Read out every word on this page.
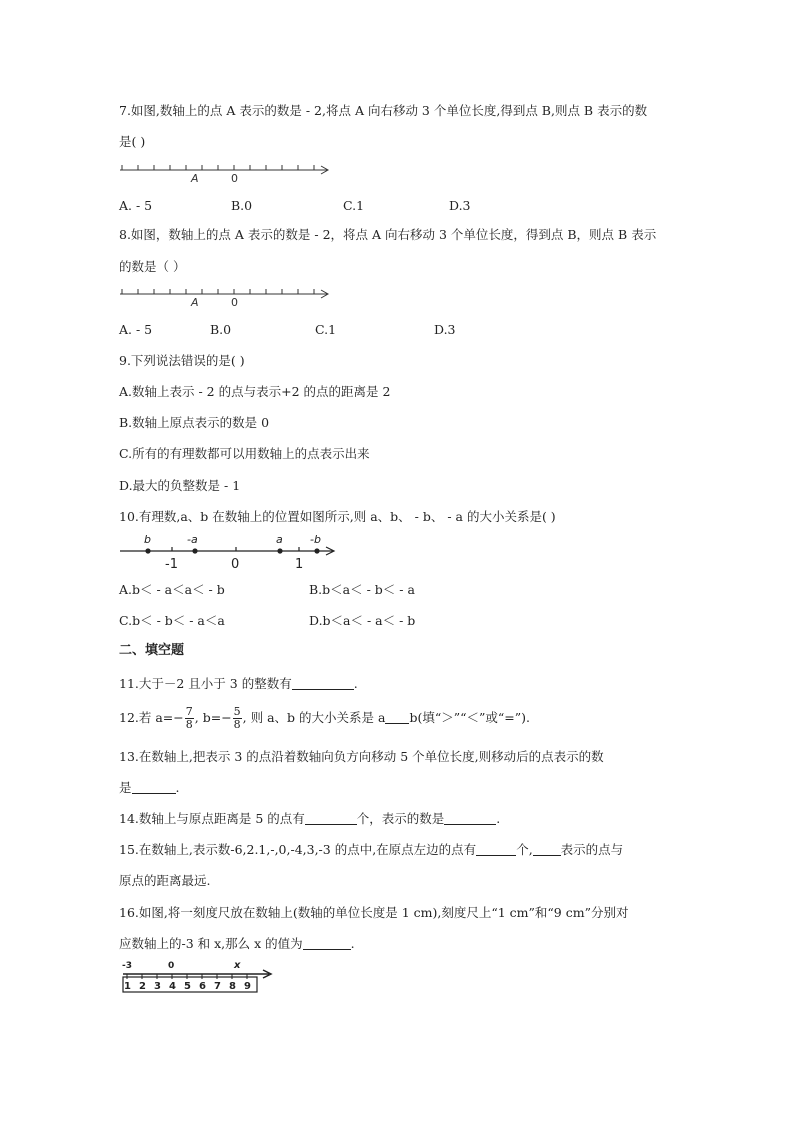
7.如图,数轴上的点 A 表示的数是 - 2,将点 A 向右移动 3 个单位长度,得到点 B,则点 B 表示的数
是( )
A	0
A. - 5	B.0	C.1	D.3
8.如图，数轴上的点 A 表示的数是 - 2，将点 A 向右移动 3 个单位长度，得到点 B，则点 B 表示
的数是（ ）
A	0
A. - 5	B.0	C.1	D.3
9.下列说法错误的是( )
A.数轴上表示 - 2 的点与表示+2 的点的距离是 2
B.数轴上原点表示的数是 0
C.所有的有理数都可以用数轴上的点表示出来
D.最大的负整数是 - 1
10.有理数,a、b 在数轴上的位置如图所示,则 a、b、 - b、 - a 的大小关系是( )
b	-a	a -b
-1	0	1
A.b＜ - a＜a＜ - b	B.b＜a＜ - b＜ - a
C.b＜ - b＜ - a＜a	D.b＜a＜ - a＜ - b
二、填空题
11.大于－2 且小于 3 的整数有	.
12.若 $a=- \frac{7}{8}$ , $b=- \frac{5}{8}$ , 则 a、b 的大小关系是 a b(填“＞”“＜”或“=”).
13.在数轴上,把表示 3 的点沿着数轴向负方向移动 5 个单位长度,则移动后的点表示的数
是	.
14.数轴上与原点距离是 5 的点有	个，表示的数是	.
15.在数轴上,表示数-6,2.1,-,0,-4,3,-3 的点中,在原点左边的点有	个, 表示的点与
原点的距离最远.
16.如图,将一刻度尺放在数轴上(数轴的单位长度是 1 cm),刻度尺上“1 cm”和“9 cm”分别对
应数轴上的-3 和 x,那么 x 的值为	.
-3	0	x
1 2 3 4 5 6 7 8 9
